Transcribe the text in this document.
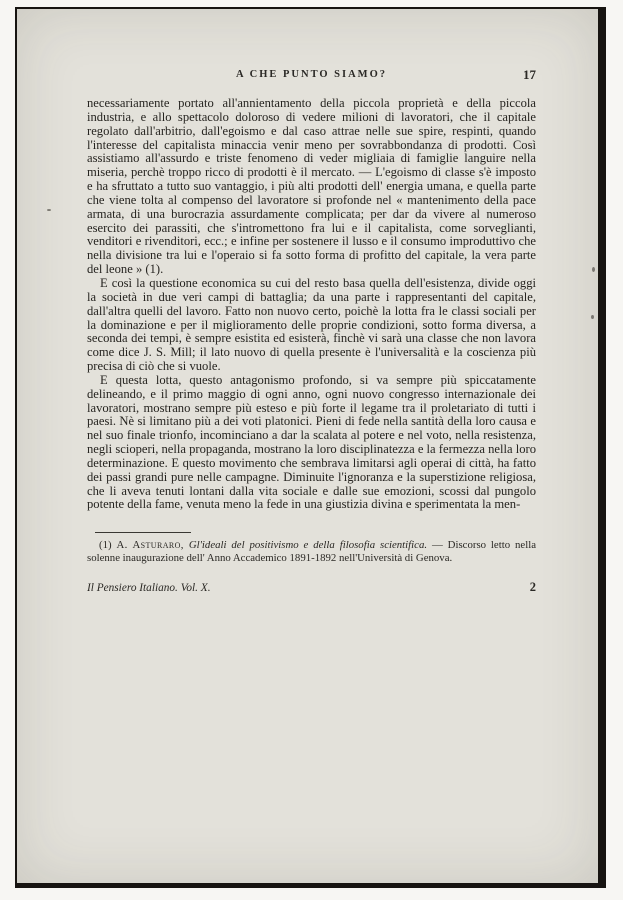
A CHE PUNTO SIAMO?	17

necessariamente portato all'annientamento della piccola proprietà e della piccola industria, e allo spettacolo doloroso di vedere milioni di lavoratori, che il capitale regolato dall'arbitrio, dall'egoismo e dal caso attrae nelle sue spire, respinti, quando l'interesse del capitalista minaccia venir meno per sovrabbondanza di prodotti. Così assistiamo all'assurdo e triste fenomeno di veder migliaia di famiglie languire nella miseria, perchè troppo ricco di prodotti è il mercato. — L'egoismo di classe s'è imposto e ha sfruttato a tutto suo vantaggio, i più alti prodotti dell' energia umana, e quella parte che viene tolta al compenso del lavoratore si profonde nel « mantenimento della pace armata, di una burocrazia assurdamente complicata; per dar da vivere al numeroso esercito dei parassiti, che s'intromettono fra lui e il capitalista, come sorveglianti, venditori e rivenditori, ecc.; e infine per sostenere il lusso e il consumo improduttivo che nella divisione tra lui e l'operaio si fa sotto forma di profitto del capitale, la vera parte del leone » (1).

E così la questione economica su cui del resto basa quella dell'esistenza, divide oggi la società in due veri campi di battaglia; da una parte i rappresentanti del capitale, dall'altra quelli del lavoro. Fatto non nuovo certo, poichè la lotta fra le classi sociali per la dominazione e per il miglioramento delle proprie condizioni, sotto forma diversa, a seconda dei tempi, è sempre esistita ed esisterà, finchè vi sarà una classe che non lavora come dice J. S. Mill; il lato nuovo di quella presente è l'universalità e la coscienza più precisa di ciò che si vuole.

E questa lotta, questo antagonismo profondo, si va sempre più spiccatamente delineando, e il primo maggio di ogni anno, ogni nuovo congresso internazionale dei lavoratori, mostrano sempre più esteso e più forte il legame tra il proletariato di tutti i paesi. Nè si limitano più a dei voti platonici. Pieni di fede nella santità della loro causa e nel suo finale trionfo, incominciano a dar la scalata al potere e nel voto, nella resistenza, negli scioperi, nella propaganda, mostrano la loro disciplinatezza e la fermezza nella loro determinazione. E questo movimento che sembrava limitarsi agli operai di città, ha fatto dei passi grandi pure nelle campagne. Diminuite l'ignoranza e la superstizione religiosa, che li aveva tenuti lontani dalla vita sociale e dalle sue emozioni, scossi dal pungolo potente della fame, venuta meno la fede in una giustizia divina e sperimentata la men-

(1) A. Asturaro, Gl'ideali del positivismo e della filosofia scientifica. — Discorso letto nella solenne inaugurazione dell' Anno Accademico 1891-1892 nell'Università di Genova.

Il Pensiero Italiano. Vol. X.	2
